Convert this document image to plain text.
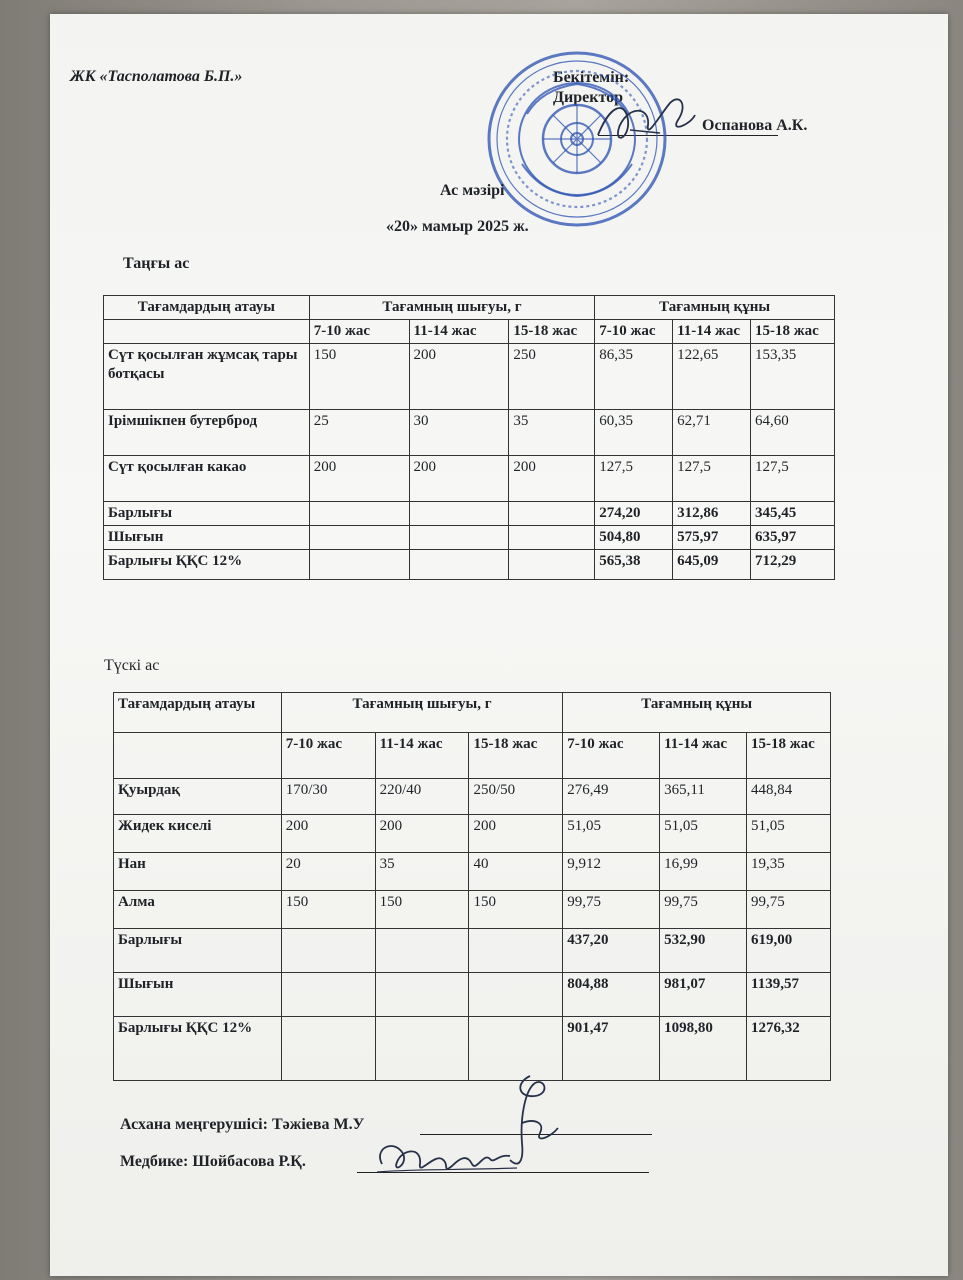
ЖК «Тасполатова Б.П.»	Бекітемін:
Директор
Оспанова А.К.
Ас мәзірі
«20» мамыр 2025 ж.
Таңғы ас
Тағамдардың атауы	Тағамның шығуы, г			Тағамның құны		
	7-10 жас	11-14 жас	15-18 жас	7-10 жас	11-14 жас	15-18 жас
Сүт қосылған жұмсақ тары ботқасы	150	200	250	86,35	122,65	153,35
Ірімшікпен бутерброд	25	30	35	60,35	62,71	64,60
Сүт қосылған какао	200	200	200	127,5	127,5	127,5
Барлығы				274,20	312,86	345,45
Шығын				504,80	575,97	635,97
Барлығы ҚҚС 12%				565,38	645,09	712,29
Түскі ас
Тағамдардың атауы	Тағамның шығуы, г			Тағамның құны		
	7-10 жас	11-14 жас	15-18 жас	7-10 жас	11-14 жас	15-18 жас
Қуырдақ	170/30	220/40	250/50	276,49	365,11	448,84
Жидек киселі	200	200	200	51,05	51,05	51,05
Нан	20	35	40	9,912	16,99	19,35
Алма	150	150	150	99,75	99,75	99,75
Барлығы				437,20	532,90	619,00
Шығын				804,88	981,07	1139,57
Барлығы ҚҚС 12%				901,47	1098,80	1276,32
Асхана меңгерушісі: Тәжіева М.У
Медбике: Шойбасова Р.Қ.
